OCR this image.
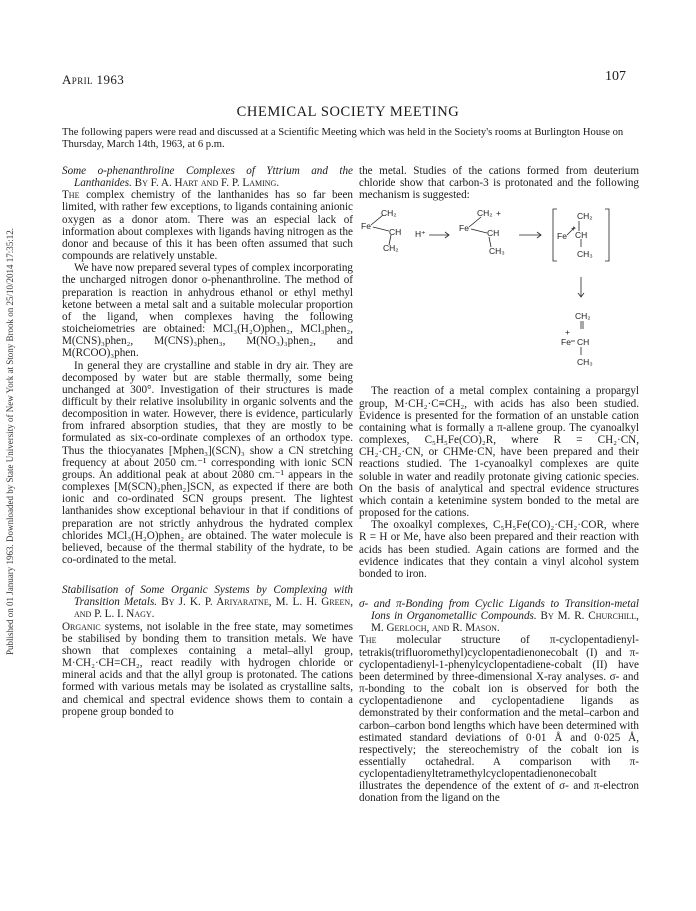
Published on 01 January 1963. Downloaded by State University of New York at Stony Brook on 25/10/2014 17:35:12.
April 1963	107
CHEMICAL SOCIETY MEETING
The following papers were read and discussed at a Scientific Meeting which was held in the Society's rooms at Burlington House on Thursday, March 14th, 1963, at 6 p.m.

Some o-phenanthroline Complexes of Yttrium and the Lanthanides. By F. A. Hart and F. P. Laming.

The complex chemistry of the lanthanides has so far been limited, with rather few exceptions, to ligands containing anionic oxygen as a donor atom. There was an especial lack of information about complexes with ligands having nitrogen as the donor and because of this it has been often assumed that such compounds are relatively unstable.

We have now prepared several types of complex incorporating the uncharged nitrogen donor o-phenanthroline. The method of preparation is reaction in anhydrous ethanol or ethyl methyl ketone between a metal salt and a suitable molecular proportion of the ligand, when complexes having the following stoicheiometries are obtained: MCl₃(H₂O)phen₂, MCl₃phen₂, M(CNS)₃phen₂, M(CNS)₃phen₃, M(NO₃)₃phen₂, and M(RCOO)₃phen.

In general they are crystalline and stable in dry air. They are decomposed by water but are stable thermally, some being unchanged at 300°. Investigation of their structures is made difficult by their relative insolubility in organic solvents and the decomposition in water. However, there is evidence, particularly from infrared absorption studies, that they are mostly to be formulated as six-co-ordinate complexes of an orthodox type. Thus the thiocyanates [Mphen₃](SCN)₃ show a CN stretching frequency at about 2050 cm.⁻¹ corresponding with ionic SCN groups. An additional peak at about 2080 cm.⁻¹ appears in the complexes [M(SCN)₂phen₂]SCN, as expected if there are both ionic and co-ordinated SCN groups present. The lightest lanthanides show exceptional behaviour in that if conditions of preparation are not strictly anhydrous the hydrated complex chlorides MCl₃(H₂O)phen₂ are obtained. The water molecule is believed, because of the thermal stability of the hydrate, to be co-ordinated to the metal.

Stabilisation of Some Organic Systems by Complexing with Transition Metals. By J. K. P. Ariyaratne, M. L. H. Green, and P. L. I. Nagy.

Organic systems, not isolable in the free state, may sometimes be stabilised by bonding them to transition metals. We have shown that complexes containing a metal–allyl group, M·CH₂·CH=CH₂, react readily with hydrogen chloride or mineral acids and that the allyl group is protonated. The cations formed with various metals may be isolated as crystalline salts, and chemical and spectral evidence shows them to contain a propene group bonded to

the metal. Studies of the cations formed from deuterium chloride show that carbon-3 is protonated and the following mechanism is suggested:

CH₂
Fe
CH
CH₂
H⁺
CH₂ +
Fe CH
CH₃
CH₂
Fe
+
CH
CH₃
CH₂
Fe
+
CH
CH₃

The reaction of a metal complex containing a propargyl group, M·CH₂·C≡CH₂, with acids has also been studied. Evidence is presented for the formation of an unstable cation containing what is formally a π-allene group. The cyanoalkyl complexes, C₅H₅Fe(CO)₂R, where R = CH₂·CN, CH₂·CH₂·CN, or CHMe·CN, have been prepared and their reactions studied. The 1-cyanoalkyl complexes are quite soluble in water and readily protonate giving cationic species. On the basis of analytical and spectral evidence structures which contain a ketenimine system bonded to the metal are proposed for the cations.

The oxoalkyl complexes, C₅H₅Fe(CO)₂·CH₂·COR, where R = H or Me, have also been prepared and their reaction with acids has been studied. Again cations are formed and the evidence indicates that they contain a vinyl alcohol system bonded to iron.

σ- and π-Bonding from Cyclic Ligands to Transition-metal Ions in Organometallic Compounds. By M. R. Churchill, M. Gerloch, and R. Mason.

The molecular structure of π-cyclopentadienyl-tetrakis(trifluoromethyl)cyclopentadienonecobalt (I) and π-cyclopentadienyl-1-phenylcyclopentadiene-cobalt (II) have been determined by three-dimensional X-ray analyses. σ- and π-bonding to the cobalt ion is observed for both the cyclopentadienone and cyclopentadiene ligands as demonstrated by their conformation and the metal–carbon and carbon–carbon bond lengths which have been determined with estimated standard deviations of 0·01 Å and 0·025 Å, respectively; the stereochemistry of the cobalt ion is essentially octahedral. A comparison with π-cyclopentadienyltetramethylcyclopentadienonecobalt illustrates the dependence of the extent of σ- and π-electron donation from the ligand on the
